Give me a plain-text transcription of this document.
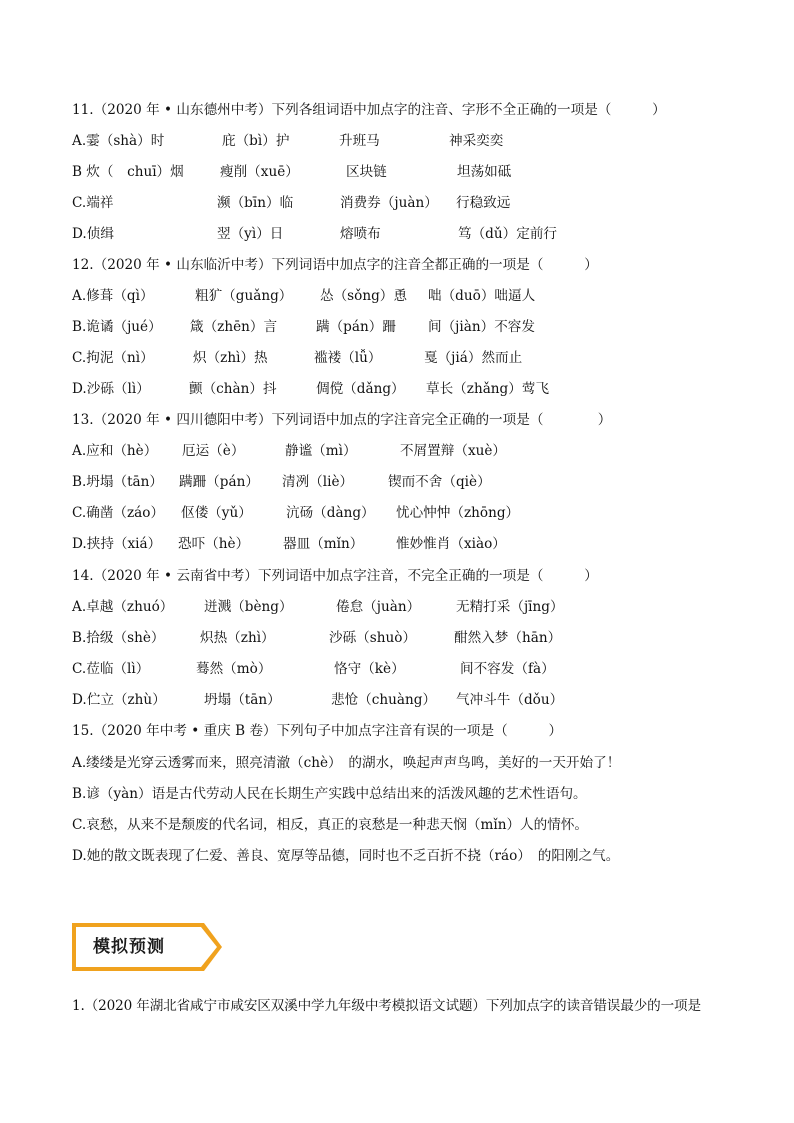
11.（2020 年 • 山东德州中考）下列各组词语中加点字的注音、字形不全正确的一项是（　　　）
A.霎（shà）时	庇（bì）护	升班马	神采奕奕
B 炊（　chuī）烟	瘦削（xuē）	区块链	坦荡如砥
C.端祥	濒（bīn）临	消费券（juàn） 行稳致远
D.侦缉	翌（yì）日	熔喷布	笃（dǔ）定前行
12.（2020 年 • 山东临沂中考）下列词语中加点字的注音全都正确的一项是（　　　）
A.修葺（qì）	粗犷（guǎng） 怂（sǒng）恿 咄（duō）咄逼人
B.诡谲（jué） 箴（zhēn）言	蹒（pán）跚 间（jiàn）不容发
C.拘泥（nì）	炽（zhì）热	褴褛（lǚ）	戛（jiá）然而止
D.沙砾（lì）	颤（chàn）抖	倜傥（dǎng） 草长（zhǎng）莺飞
13.（2020 年 • 四川德阳中考）下列词语中加点的字注音完全正确的一项是（　　　　）
A.应和（hè） 厄运（è）	静谧（mì）	不屑置辩（xuè）
B.坍塌（tān） 蹒跚（pán） 清冽（liè）	锲而不舍（qiè）
C.确凿（záo） 伛偻（yǔ）	沆砀（dàng） 忧心忡忡（zhōng）
D.挟持（xiá） 恐吓（hè） 器皿（mǐn） 惟妙惟肖（xiào）
14.（2020 年 • 云南省中考）下列词语中加点字注音，不完全正确的一项是（　　　）
A.卓越（zhuó） 迸溅（bèng）	倦怠（juàn）	无精打采（jīng）
B.拾级（shè）	炽热（zhì）	沙砾（shuò）	酣然入梦（hān）
C.莅临（lì）	蓦然（mò）	恪守（kè）	间不容发（fà）
D.伫立（zhù）	坍塌（tān）	悲怆（chuàng） 气冲斗牛（dǒu）
15.（2020 年中考 • 重庆 B 卷）下列句子中加点字注音有误的一项是（　　　）
A.缕缕是光穿云透雾而来，照亮清澈（chè）　的湖水，唤起声声鸟鸣，美好的一天开始了！
B.谚（yàn）语是古代劳动人民在长期生产实践中总结出来的活泼风趣的艺术性语句。
C.哀愁，从来不是颓废的代名词，相反，真正的哀愁是一种悲天悯（mǐn）人的情怀。
D.她的散文既表现了仁爱、善良、宽厚等品德，同时也不乏百折不挠（ráo）　的阳刚之气。
模拟预测
1.（2020 年湖北省咸宁市咸安区双溪中学九年级中考模拟语文试题）下列加点字的读音错误最少的一项是
